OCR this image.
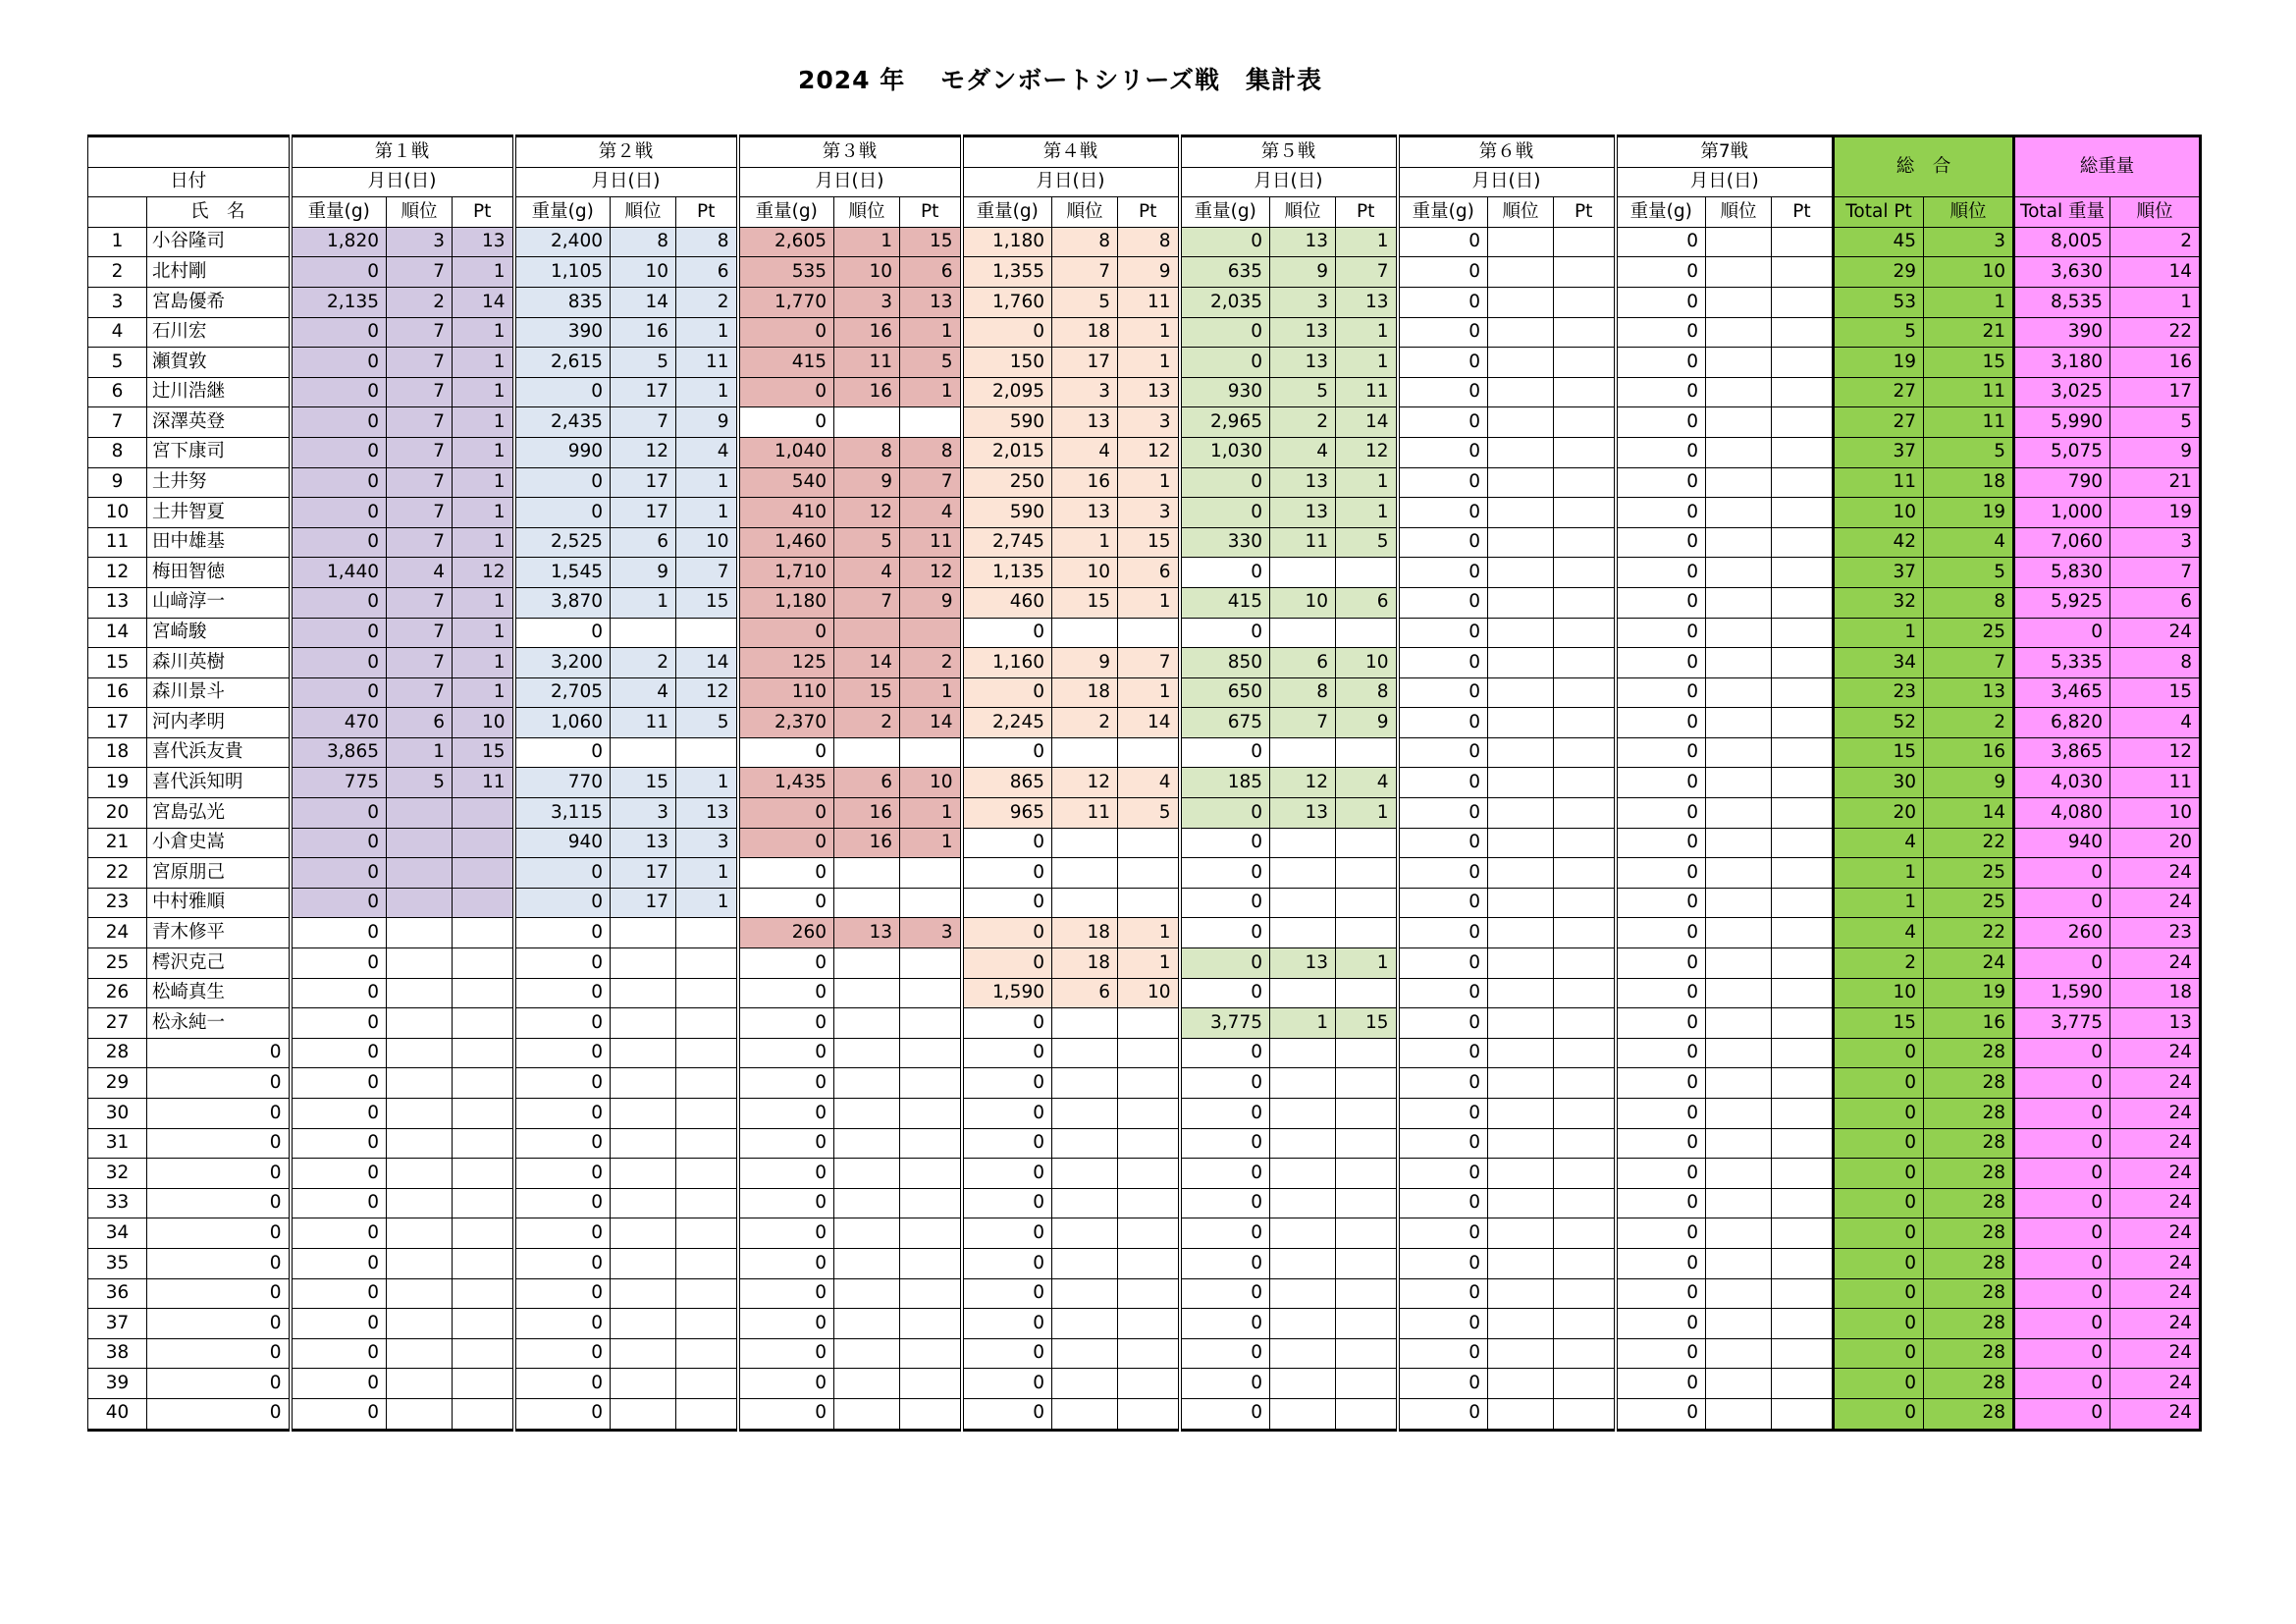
2024 年　 モダンボートシリーズ戦　集計表
		第１戦			第２戦			第３戦			第４戦			第５戦			第６戦			第7戦			総　合		総重量	
日付		月日(日)			月日(日)			月日(日)			月日(日)			月日(日)			月日(日)			月日(日)						
	氏　名	重量(g)	順位	Pt	重量(g)	順位	Pt	重量(g)	順位	Pt	重量(g)	順位	Pt	重量(g)	順位	Pt	重量(g)	順位	Pt	重量(g)	順位	Pt	Total Pt	順位	Total 重量	順位
1	小谷隆司	1,820	3	13	2,400	8	8	2,605	1	15	1,180	8	8	0	13	1	0			0			45	3	8,005	2
2	北村剛	0	7	1	1,105	10	6	535	10	6	1,355	7	9	635	9	7	0			0			29	10	3,630	14
3	宮島優希	2,135	2	14	835	14	2	1,770	3	13	1,760	5	11	2,035	3	13	0			0			53	1	8,535	1
4	石川宏	0	7	1	390	16	1	0	16	1	0	18	1	0	13	1	0			0			5	21	390	22
5	瀬賀敦	0	7	1	2,615	5	11	415	11	5	150	17	1	0	13	1	0			0			19	15	3,180	16
6	辻川浩継	0	7	1	0	17	1	0	16	1	2,095	3	13	930	5	11	0			0			27	11	3,025	17
7	深澤英登	0	7	1	2,435	7	9	0			590	13	3	2,965	2	14	0			0			27	11	5,990	5
8	宮下康司	0	7	1	990	12	4	1,040	8	8	2,015	4	12	1,030	4	12	0			0			37	5	5,075	9
9	土井努	0	7	1	0	17	1	540	9	7	250	16	1	0	13	1	0			0			11	18	790	21
10	土井智夏	0	7	1	0	17	1	410	12	4	590	13	3	0	13	1	0			0			10	19	1,000	19
11	田中雄基	0	7	1	2,525	6	10	1,460	5	11	2,745	1	15	330	11	5	0			0			42	4	7,060	3
12	梅田智徳	1,440	4	12	1,545	9	7	1,710	4	12	1,135	10	6	0			0			0			37	5	5,830	7
13	山﨑淳一	0	7	1	3,870	1	15	1,180	7	9	460	15	1	415	10	6	0			0			32	8	5,925	6
14	宮崎駿	0	7	1	0			0			0			0			0			0			1	25	0	24
15	森川英樹	0	7	1	3,200	2	14	125	14	2	1,160	9	7	850	6	10	0			0			34	7	5,335	8
16	森川景斗	0	7	1	2,705	4	12	110	15	1	0	18	1	650	8	8	0			0			23	13	3,465	15
17	河内孝明	470	6	10	1,060	11	5	2,370	2	14	2,245	2	14	675	7	9	0			0			52	2	6,820	4
18	喜代浜友貴	3,865	1	15	0			0			0			0			0			0			15	16	3,865	12
19	喜代浜知明	775	5	11	770	15	1	1,435	6	10	865	12	4	185	12	4	0			0			30	9	4,030	11
20	宮島弘光	0			3,115	3	13	0	16	1	965	11	5	0	13	1	0			0			20	14	4,080	10
21	小倉史嵩	0			940	13	3	0	16	1	0			0			0			0			4	22	940	20
22	宮原朋己	0			0	17	1	0			0			0			0			0			1	25	0	24
23	中村雅順	0			0	17	1	0			0			0			0			0			1	25	0	24
24	青木修平	0			0			260	13	3	0	18	1	0			0			0			4	22	260	23
25	樗沢克己	0			0			0			0	18	1	0	13	1	0			0			2	24	0	24
26	松崎真生	0			0			0			1,590	6	10	0			0			0			10	19	1,590	18
27	松永純一	0			0			0			0			3,775	1	15	0			0			15	16	3,775	13
28	0	0			0			0			0			0			0			0			0	28	0	24
29	0	0			0			0			0			0			0			0			0	28	0	24
30	0	0			0			0			0			0			0			0			0	28	0	24
31	0	0			0			0			0			0			0			0			0	28	0	24
32	0	0			0			0			0			0			0			0			0	28	0	24
33	0	0			0			0			0			0			0			0			0	28	0	24
34	0	0			0			0			0			0			0			0			0	28	0	24
35	0	0			0			0			0			0			0			0			0	28	0	24
36	0	0			0			0			0			0			0			0			0	28	0	24
37	0	0			0			0			0			0			0			0			0	28	0	24
38	0	0			0			0			0			0			0			0			0	28	0	24
39	0	0			0			0			0			0			0			0			0	28	0	24
40	0	0			0			0			0			0			0			0			0	28	0	24
